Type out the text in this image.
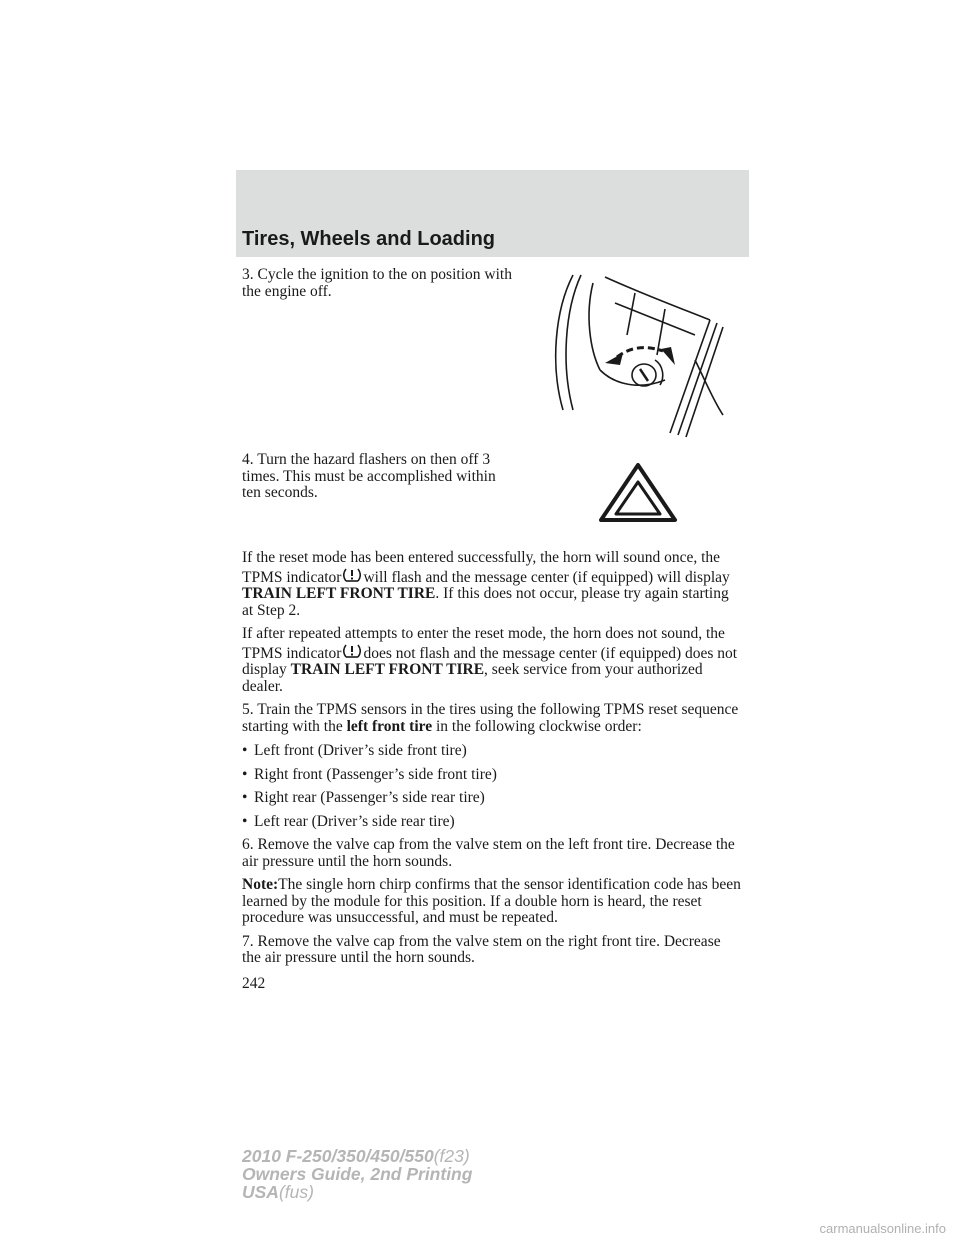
Tires, Wheels and Loading

3. Cycle the ignition to the on position with the engine off.

4. Turn the hazard flashers on then off 3 times. This must be accomplished within ten seconds.

If the reset mode has been entered successfully, the horn will sound once, the TPMS indicator will flash and the message center (if equipped) will display TRAIN LEFT FRONT TIRE. If this does not occur, please try again starting at Step 2.

If after repeated attempts to enter the reset mode, the horn does not sound, the TPMS indicator does not flash and the message center (if equipped) does not display TRAIN LEFT FRONT TIRE, seek service from your authorized dealer.

5. Train the TPMS sensors in the tires using the following TPMS reset sequence starting with the left front tire in the following clockwise order:

• Left front (Driver’s side front tire)
• Right front (Passenger’s side front tire)
• Right rear (Passenger’s side rear tire)
• Left rear (Driver’s side rear tire)

6. Remove the valve cap from the valve stem on the left front tire. Decrease the air pressure until the horn sounds.

Note:The single horn chirp confirms that the sensor identification code has been learned by the module for this position. If a double horn is heard, the reset procedure was unsuccessful, and must be repeated.

7. Remove the valve cap from the valve stem on the right front tire. Decrease the air pressure until the horn sounds.

242
2010 F-250/350/450/550(f23)
Owners Guide, 2nd Printing
USA(fus)
carmanualsonline.info
